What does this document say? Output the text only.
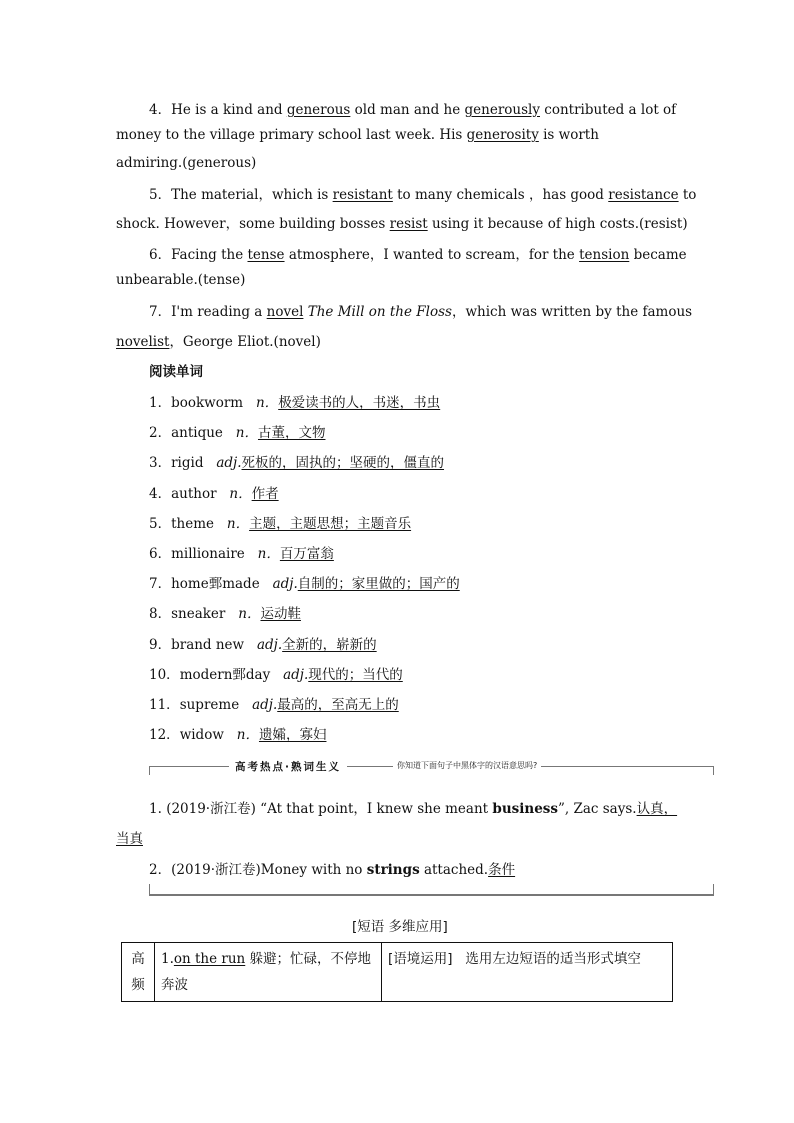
4．He is a kind and generous old man and he generously contributed a lot of
money to the village primary school last week. His generosity is worth
admiring.(generous)
5．The material，which is resistant to many chemicals ，has good resistance to
shock. However，some building bosses resist using it because of high costs.(resist)
6．Facing the tense atmosphere，I wanted to scream，for the tension became
unbearable.(tense)
7．I'm reading a novel The Mill on the Floss，which was written by the famous
novelist，George Eliot.(novel)
阅读单词
1．bookworm n．极爱读书的人，书迷，书虫
2．antique n．古董，文物
3．rigid adj.死板的，固执的；坚硬的，僵直的
4．author n．作者
5．theme n．主题，主题思想；主题音乐
6．millionaire n．百万富翁
7．home鄄made adj.自制的；家里做的；国产的
8．sneaker n．运动鞋
9．brand new adj.全新的，崭新的
10．modern鄄day adj.现代的；当代的
11．supreme adj.最高的，至高无上的
12．widow n．遗孀，寡妇
高考热点·熟词生义	你知道下面句子中黑体字的汉语意思吗?
1. (2019·浙江卷) “At that point，I knew she meant business”, Zac says.认真，
当真
2．(2019·浙江卷)Money with no strings attached.条件
[短语 多维应用]
高频	1.on the run 躲避；忙碌，不停地奔波	[语境运用] 选用左边短语的适当形式填空
